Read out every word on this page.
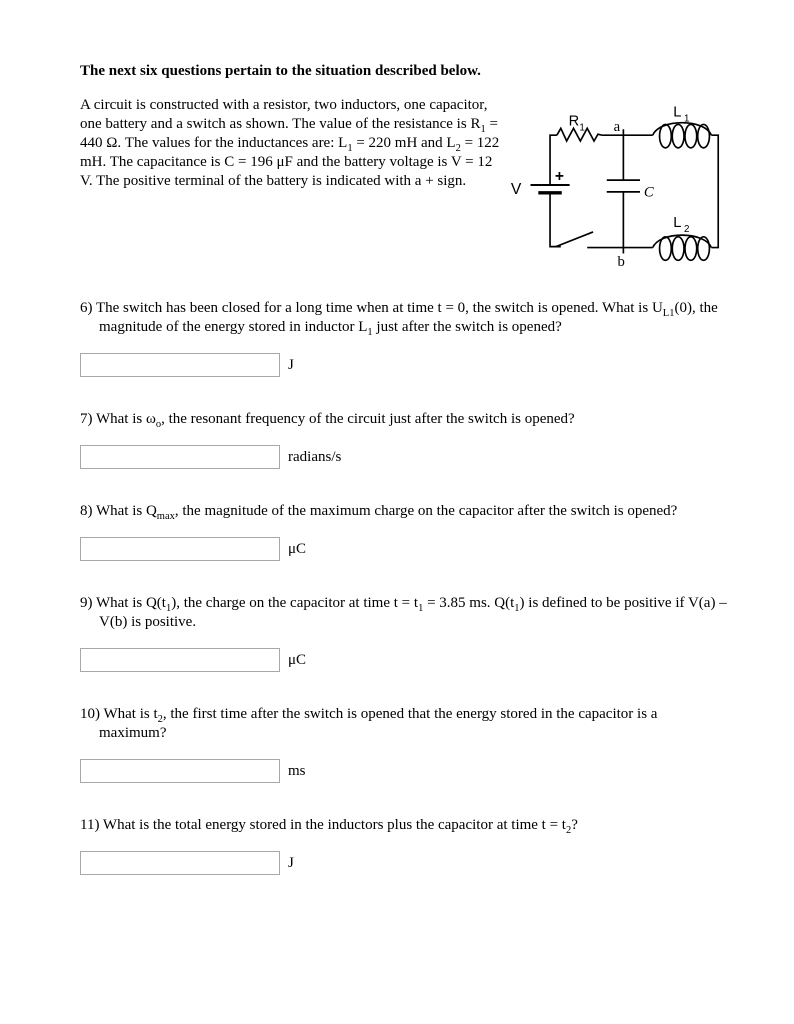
The next six questions pertain to the situation described below.

A circuit is constructed with a resistor, two inductors, one capacitor, one battery and a switch as shown. The value of the resistance is $R_1 = 440$ Ω. The values for the inductances are: $L_1 = 220$ mH and $L_2 = 122$ mH. The capacitance is C = 196 μF and the battery voltage is V = 12 V. The positive terminal of the battery is indicated with a + sign.

R 1 a
L 1
L 2
b
C
V
+

6) The switch has been closed for a long time when at time t = 0, the switch is opened. What is $U_{L1}(0)$, the magnitude of the energy stored in inductor $L_1$ just after the switch is opened?

J

7) What is $\omega_o$, the resonant frequency of the circuit just after the switch is opened?

radians/s

8) What is $Q_{max}$, the magnitude of the maximum charge on the capacitor after the switch is opened?

μC

9) What is $Q(t_1)$, the charge on the capacitor at time $t = t_1 = 3.85$ ms. $Q(t_1)$ is defined to be positive if V(a) – V(b) is positive.

μC

10) What is $t_2$, the first time after the switch is opened that the energy stored in the capacitor is a maximum?

ms

11) What is the total energy stored in the inductors plus the capacitor at time $t = t_2$?

J
